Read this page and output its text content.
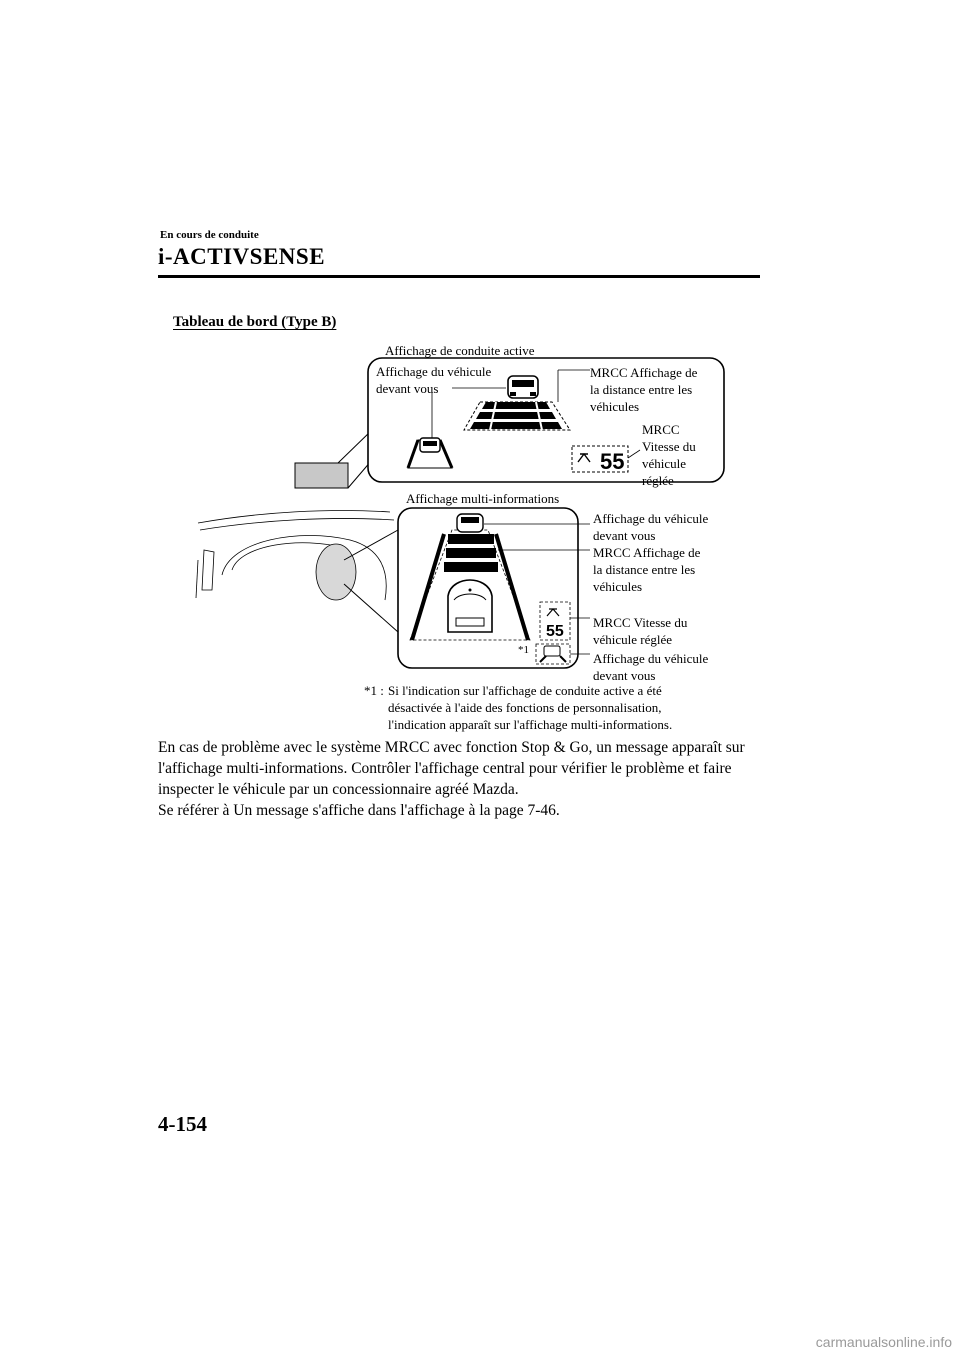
En cours de conduite
i-ACTIVSENSE
Tableau de bord (Type B)
55
55
Affichage de conduite active
Affichage du véhicule
devant vous
MRCC Affichage de
la distance entre les
véhicules
MRCC
Vitesse du
véhicule
réglée
Affichage multi-informations
Affichage du véhicule
devant vous
MRCC Affichage de
la distance entre les
véhicules
MRCC Vitesse du
véhicule réglée
Affichage du véhicule
devant vous
*1
*1 : Si l'indication sur l'affichage de conduite active a été
désactivée à l'aide des fonctions de personnalisation,
l'indication apparaît sur l'affichage multi-informations.

En cas de problème avec le système MRCC avec fonction Stop & Go, un message apparaît sur l'affichage multi-informations. Contrôler l'affichage central pour vérifier le problème et faire inspecter le véhicule par un concessionnaire agréé Mazda.

Se référer à Un message s'affiche dans l'affichage à la page 7-46.

4-154
carmanualsonline.info
